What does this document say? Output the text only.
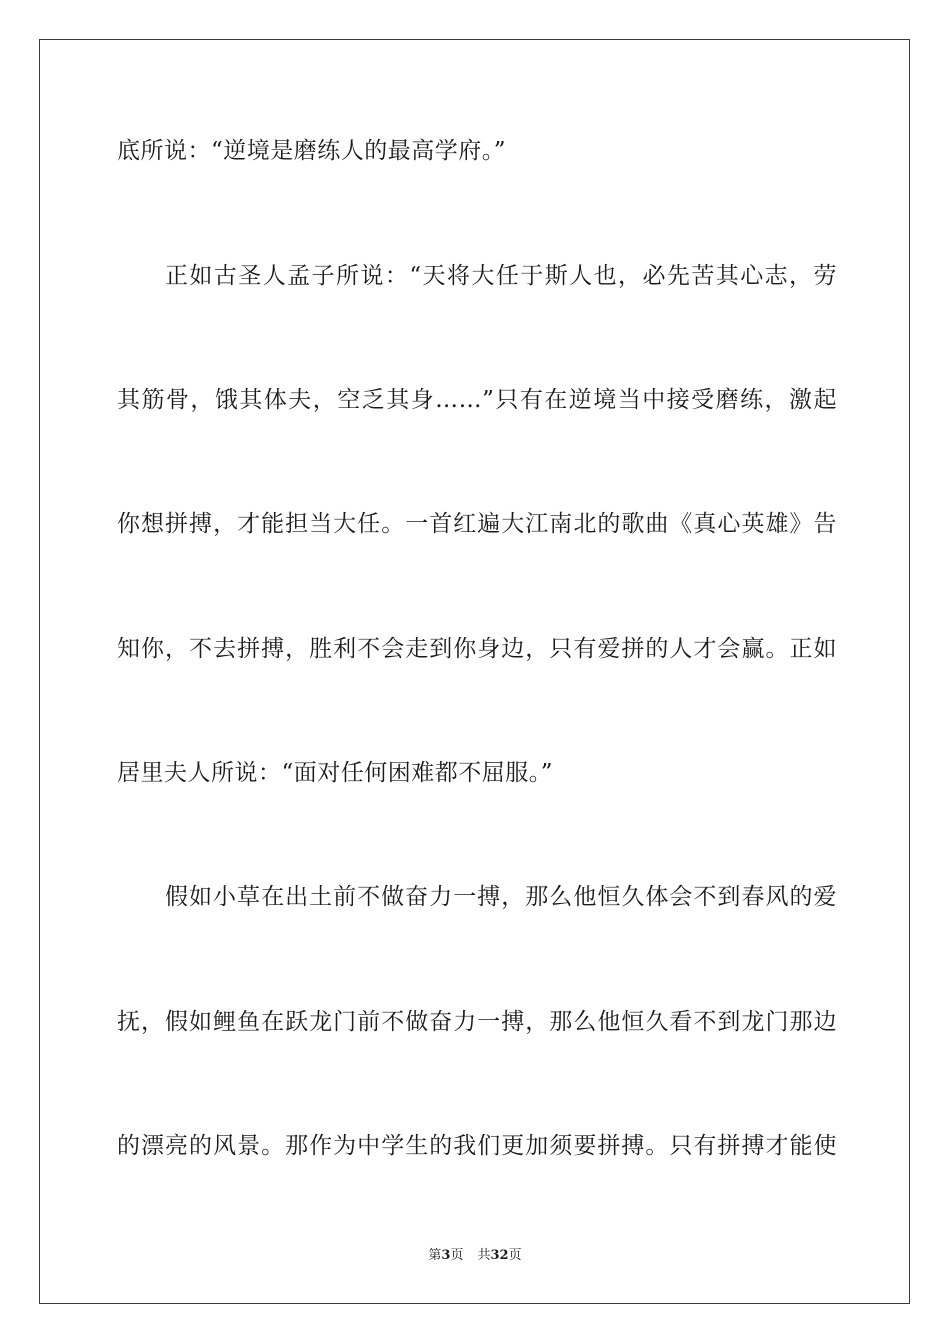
底所说：“逆境是磨练人的最高学府。”
正如古圣人孟子所说：“天将大任于斯人也，必先苦其心志，劳
其筋骨，饿其体夫，空乏其身……”只有在逆境当中接受磨练，激起
你想拼搏，才能担当大任。一首红遍大江南北的歌曲《真心英雄》告
知你，不去拼搏，胜利不会走到你身边，只有爱拼的人才会赢。正如
居里夫人所说：“面对任何困难都不屈服。”
假如小草在出土前不做奋力一搏，那么他恒久体会不到春风的爱
抚，假如鲤鱼在跃龙门前不做奋力一搏，那么他恒久看不到龙门那边
的漂亮的风景。那作为中学生的我们更加须要拼搏。只有拼搏才能使
第3页 共32页
